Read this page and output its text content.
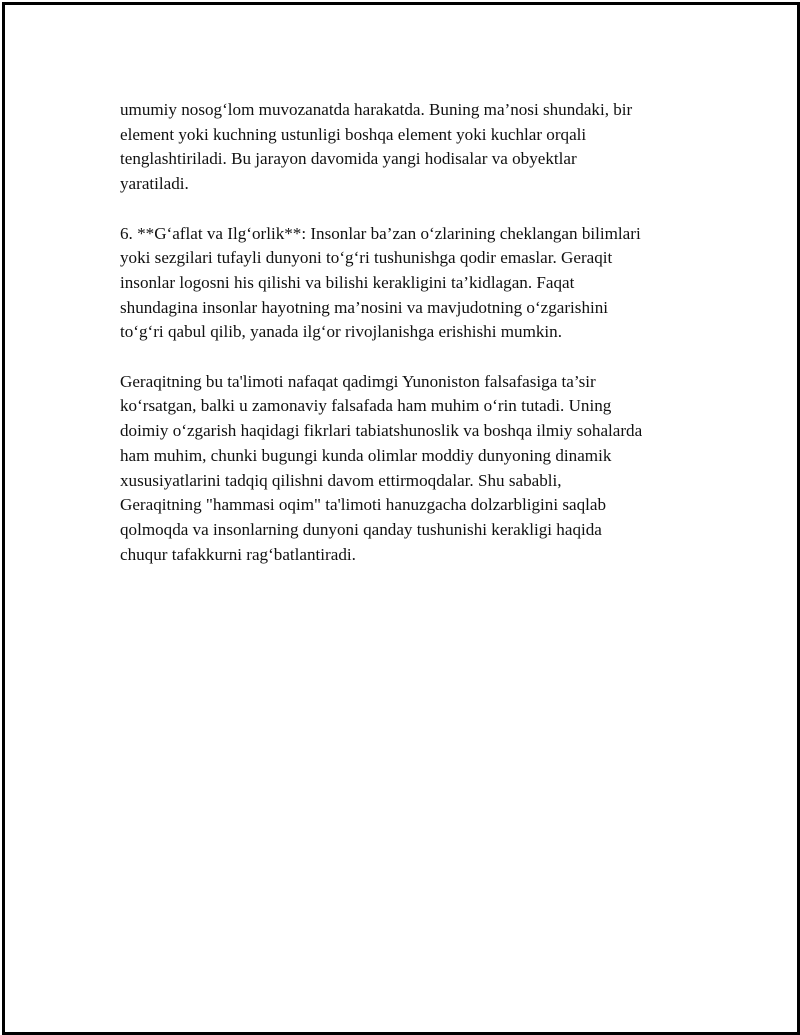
umumiy nosog‘lom muvozanatda harakatda. Buning ma’nosi shundaki, bir
element yoki kuchning ustunligi boshqa element yoki kuchlar orqali
tenglashtiriladi. Bu jarayon davomida yangi hodisalar va obyektlar
yaratiladi.

6. **G‘aflat va Ilg‘orlik**: Insonlar ba’zan o‘zlarining cheklangan bilimlari
yoki sezgilari tufayli dunyoni to‘g‘ri tushunishga qodir emaslar. Geraqit
insonlar logosni his qilishi va bilishi kerakligini ta’kidlagan. Faqat
shundagina insonlar hayotning ma’nosini va mavjudotning o‘zgarishini
to‘g‘ri qabul qilib, yanada ilg‘or rivojlanishga erishishi mumkin.

Geraqitning bu ta'limoti nafaqat qadimgi Yunoniston falsafasiga ta’sir
ko‘rsatgan, balki u zamonaviy falsafada ham muhim o‘rin tutadi. Uning
doimiy o‘zgarish haqidagi fikrlari tabiatshunoslik va boshqa ilmiy sohalarda
ham muhim, chunki bugungi kunda olimlar moddiy dunyoning dinamik
xususiyatlarini tadqiq qilishni davom ettirmoqdalar. Shu sababli,
Geraqitning "hammasi oqim" ta'limoti hanuzgacha dolzarbligini saqlab
qolmoqda va insonlarning dunyoni qanday tushunishi kerakligi haqida
chuqur tafakkurni rag‘batlantiradi.
